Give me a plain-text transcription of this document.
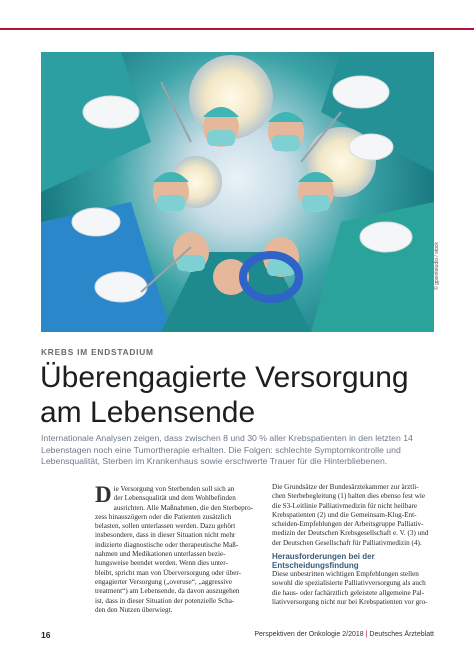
© gpointstudio / stock
KREBS IM ENDSTADIUM
Überengagierte Versorgung
am Lebensende

Internationale Analysen zeigen, dass zwischen 8 und 30 % aller Krebspatienten in den letzten 14 Lebenstagen noch eine Tumortherapie erhalten. Die Folgen: schlechte Symptomkontrolle und Lebensqualität, Sterben im Krankenhaus sowie erschwerte Trauer für die Hinterbliebenen.

D ie Versorgung von Sterbenden soll sich an
der Lebensqualität und dem Wohlbefinden
ausrichten. Alle Maßnahmen, die den Sterbepro-
zess hinauszögern oder die Patienten zusätzlich
belasten, sollen unterlassen werden. Dazu gehört
insbesondere, dass in dieser Situation nicht mehr
indizierte diagnostische oder therapeutische Maß-
nahmen und Medikationen unterlassen bezie-
hungsweise beendet werden. Wenn dies unter-
bleibt, spricht man von Überversorgung oder über-
engagierter Versorgung („overuse“, „aggressive
treatment“) am Lebensende, da davon auszugehen
ist, dass in dieser Situation der potenzielle Scha-
den den Nutzen überwiegt.

Die Grundsätze der Bundesärztekammer zur ärztli-
chen Sterbebegleitung (1) halten dies ebenso fest wie
die S3-Leitlinie Palliativmedizin für nicht heilbare
Krebspatienten (2) und die Gemeinsam-Klug-Ent-
scheiden-Empfehlungen der Arbeitsgruppe Palliativ-
medizin der Deutschen Krebsgesellschaft e. V. (3) und
der Deutschen Gesellschaft für Palliativmedizin (4).

Herausforderungen bei der
Entscheidungsfindung

Diese unbestritten wichtigen Empfehlungen stellen
sowohl die spezialisierte Palliativversorgung als auch
die haus- oder fachärztlich geleistete allgemeine Pal-
liativversorgung nicht nur bei Krebspatienten vor gro-

16	Perspektiven der Onkologie 2/2018 | Deutsches Ärzteblatt
